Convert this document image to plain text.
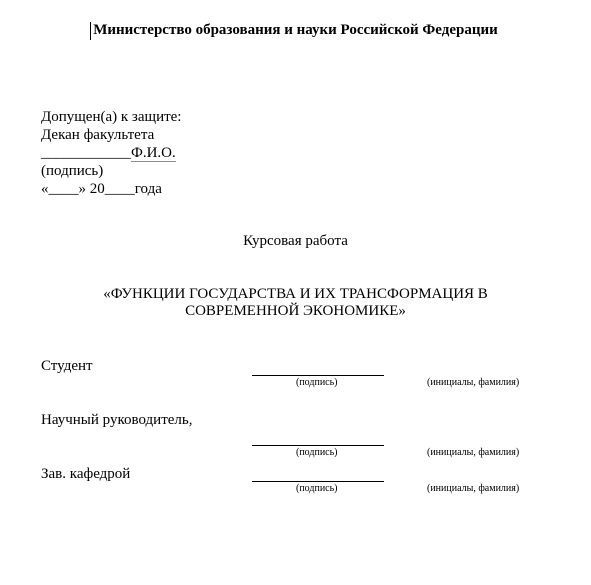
Министерство образования и науки Российской Федерации
Допущен(а) к защите:
Декан факультета
____________Ф.И.О.
(подпись)
«____» 20____года
Курсовая работа
«ФУНКЦИИ ГОСУДАРСТВА И ИХ ТРАНСФОРМАЦИЯ В
СОВРЕМЕННОЙ ЭКОНОМИКЕ»
Студент
(подпись)	(инициалы, фамилия)
Научный руководитель,
(подпись)	(инициалы, фамилия)
Зав. кафедрой
(подпись)	(инициалы, фамилия)
